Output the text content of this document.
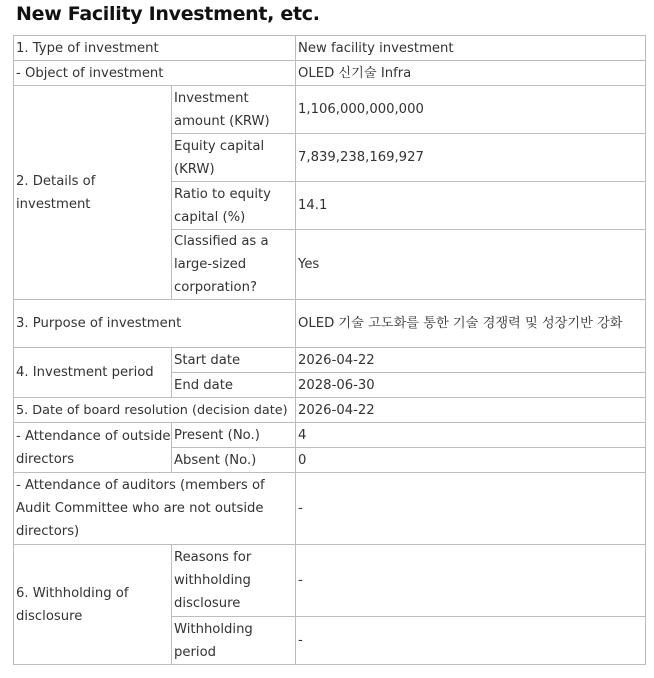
New Facility Investment, etc.
1. Type of investment		New facility investment
- Object of investment		OLED 신기술 Infra
2. Details of investment	Investment amount (KRW)	1,106,000,000,000
	Equity capital (KRW)	7,839,238,169,927
	Ratio to equity capital (%)	14.1
	Classified as a large-sized corporation?	Yes
3. Purpose of investment		OLED 기술 고도화를 통한 기술 경쟁력 및 성장기반 강화
4. Investment period	Start date	2026-04-22
	End date	2028-06-30
5. Date of board resolution (decision date)		2026-04-22
- Attendance of outside directors	Present (No.)	4
	Absent (No.)	0
- Attendance of auditors (members of Audit Committee who are not outside directors)		-
6. Withholding of disclosure	Reasons for withholding disclosure	-
	Withholding period	-
